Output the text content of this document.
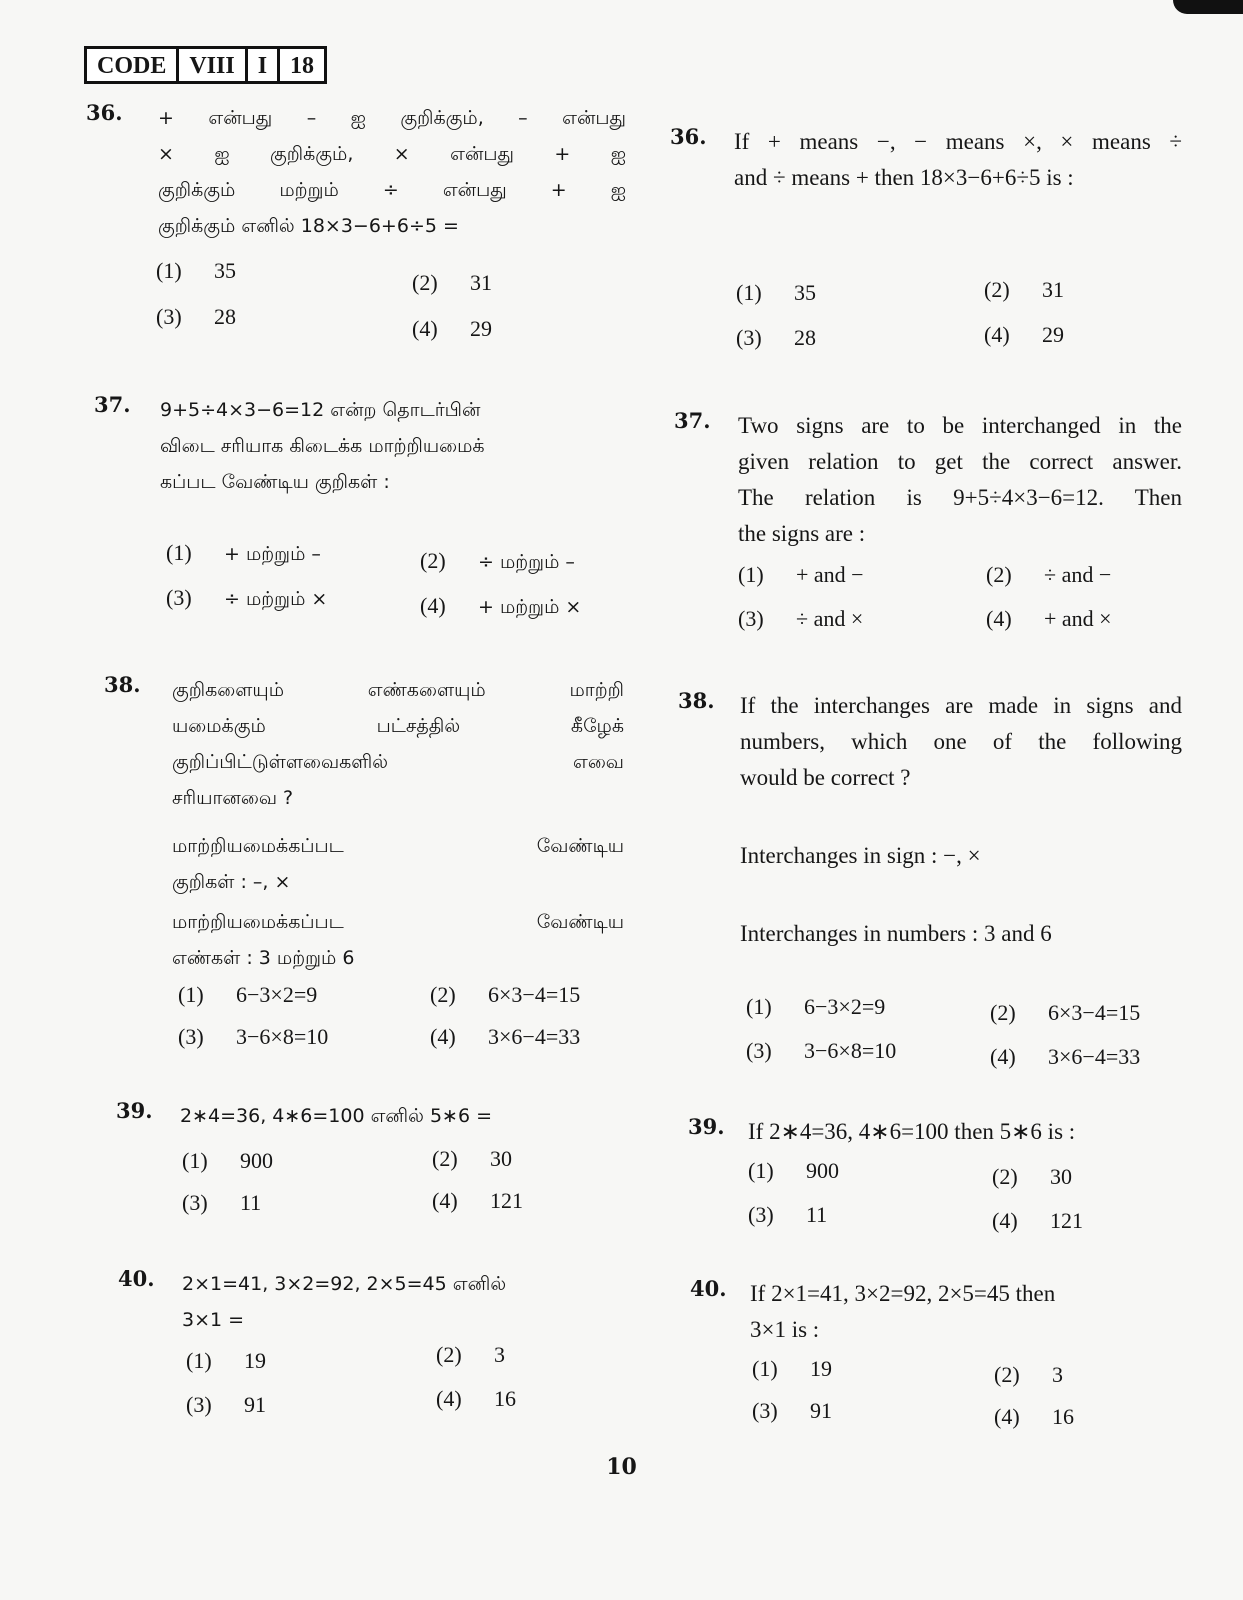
CODE VIII I 18
36. + என்பது – ஐ குறிக்கும், – என்பது
× ஐ குறிக்கும், × என்பது + ஐ
குறிக்கும் மற்றும் ÷ என்பது + ஐ
குறிக்கும் எனில் 18×3−6+6÷5 =
(1) 35	(2) 31
(3) 28	(4) 29
36. If + means −, − means ×, × means ÷
and ÷ means + then 18×3−6+6÷5 is :
(1) 35	(2) 31
(3) 28	(4) 29
37. 9+5÷4×3−6=12 என்ற தொடர்பின்
விடை சரியாக கிடைக்க மாற்றியமைக்
கப்பட வேண்டிய குறிகள் :
(1) + மற்றும் –	(2) ÷ மற்றும் –
(3) ÷ மற்றும் ×	(4) + மற்றும் ×
37. Two signs are to be interchanged in the
given relation to get the correct answer.
The relation is 9+5÷4×3−6=12. Then
the signs are :
(1) + and −	(2) ÷ and −
(3) ÷ and ×	(4) + and ×
38. குறிகளையும் எண்களையும் மாற்றி
யமைக்கும் பட்சத்தில் கீழேக்
குறிப்பிட்டுள்ளவைகளில் எவை
சரியானவை ?
மாற்றியமைக்கப்பட வேண்டிய
குறிகள் : –, ×
மாற்றியமைக்கப்பட வேண்டிய
எண்கள் : 3 மற்றும் 6
(1) 6−3×2=9	(2) 6×3−4=15
(3) 3−6×8=10	(4) 3×6−4=33
38. If the interchanges are made in signs and
numbers, which one of the following
would be correct ?
Interchanges in sign : −, ×
Interchanges in numbers : 3 and 6
(1) 6−3×2=9	(2) 6×3−4=15
(3) 3−6×8=10	(4) 3×6−4=33
39. 2∗4=36, 4∗6=100 எனில் 5∗6 =
(1) 900	(2) 30
(3) 11	(4) 121
39. If 2∗4=36, 4∗6=100 then 5∗6 is :
(1) 900	(2) 30
(3) 11	(4) 121
40. 2×1=41, 3×2=92, 2×5=45 எனில்
3×1 =
(1) 19	(2) 3
(3) 91	(4) 16
40. If 2×1=41, 3×2=92, 2×5=45 then
3×1 is :
(1) 19	(2) 3
(3) 91	(4) 16
10
